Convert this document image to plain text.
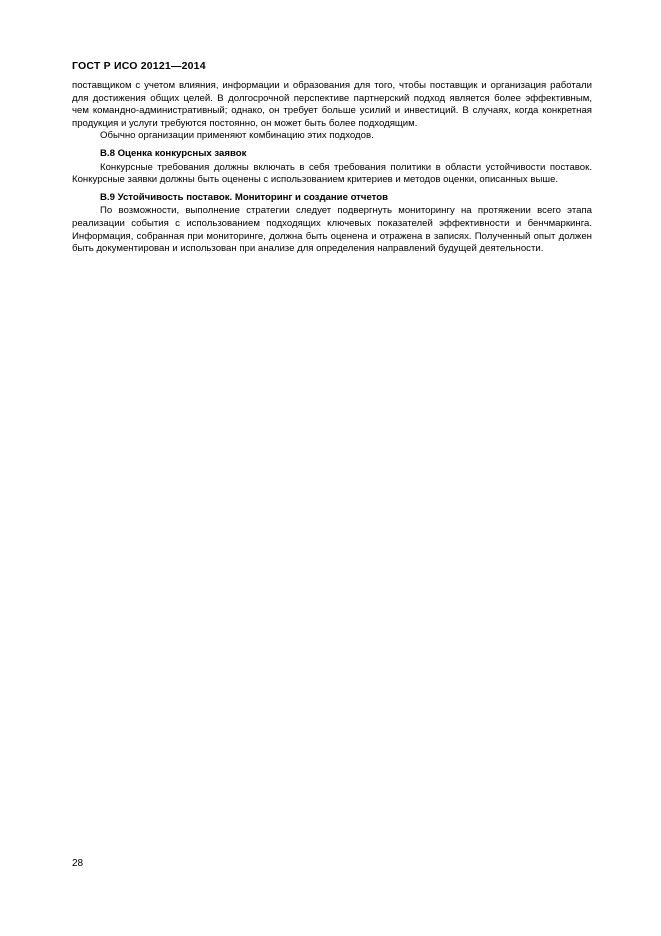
ГОСТ Р ИСО 20121—2014

поставщиком с учетом влияния, информации и образования для того, чтобы поставщик и организация работали для достижения общих целей. В долгосрочной перспективе партнерский подход является более эффективным, чем командно-административный; однако, он требует больше усилий и инвестиций. В случаях, когда конкретная продукция и услуги требуются постоянно, он может быть более подходящим.

Обычно организации применяют комбинацию этих подходов.

В.8 Оценка конкурсных заявок

Конкурсные требования должны включать в себя требования политики в области устойчивости поставок. Конкурсные заявки должны быть оценены с использованием критериев и методов оценки, описанных выше.

В.9 Устойчивость поставок. Мониторинг и создание отчетов

По возможности, выполнение стратегии следует подвергнуть мониторингу на протяжении всего этапа реализации события с использованием подходящих ключевых показателей эффективности и бенчмаркинга. Информация, собранная при мониторинге, должна быть оценена и отражена в записях. Полученный опыт должен быть документирован и использован при анализе для определения направлений будущей деятельности.

28
